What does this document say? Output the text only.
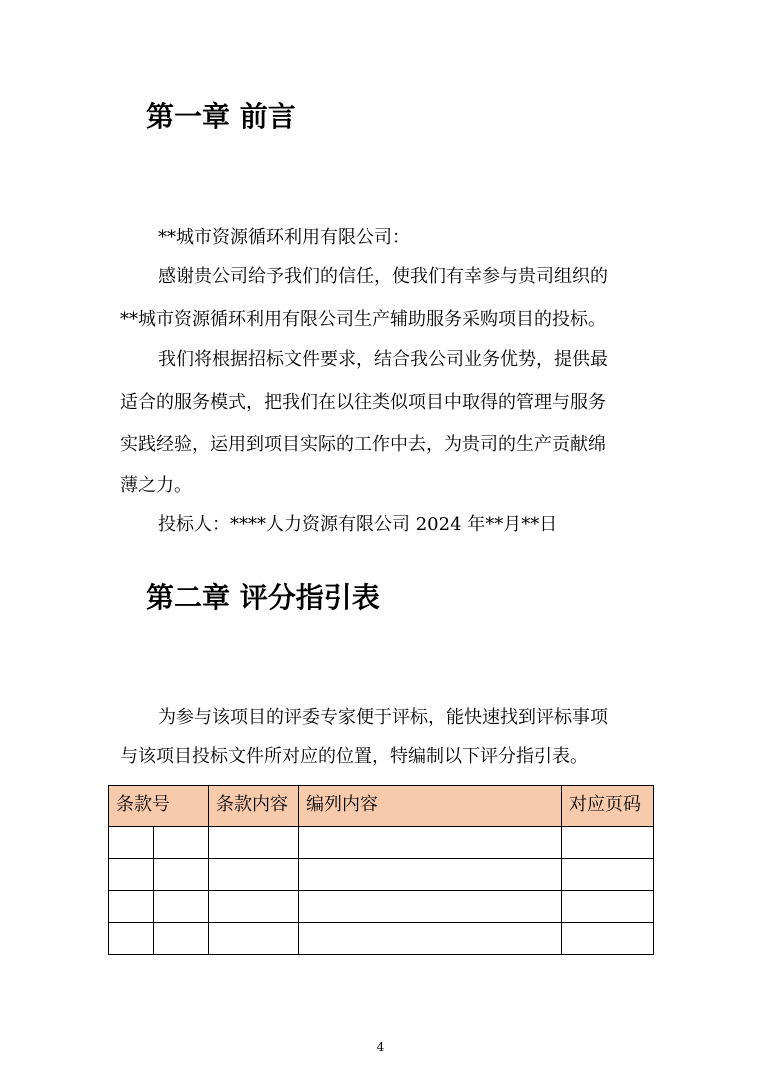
第一章 前言

**城市资源循环利用有限公司：

感谢贵公司给予我们的信任，使我们有幸参与贵司组织的

**城市资源循环利用有限公司生产辅助服务采购项目的投标。

我们将根据招标文件要求，结合我公司业务优势，提供最

适合的服务模式，把我们在以往类似项目中取得的管理与服务

实践经验，运用到项目实际的工作中去，为贵司的生产贡献绵

薄之力。

投标人：****人力资源有限公司 2024 年**月**日

第二章 评分指引表

为参与该项目的评委专家便于评标，能快速找到评标事项

与该项目投标文件所对应的位置，特编制以下评分指引表。

条款号		条款内容	编列内容	对应页码

4
